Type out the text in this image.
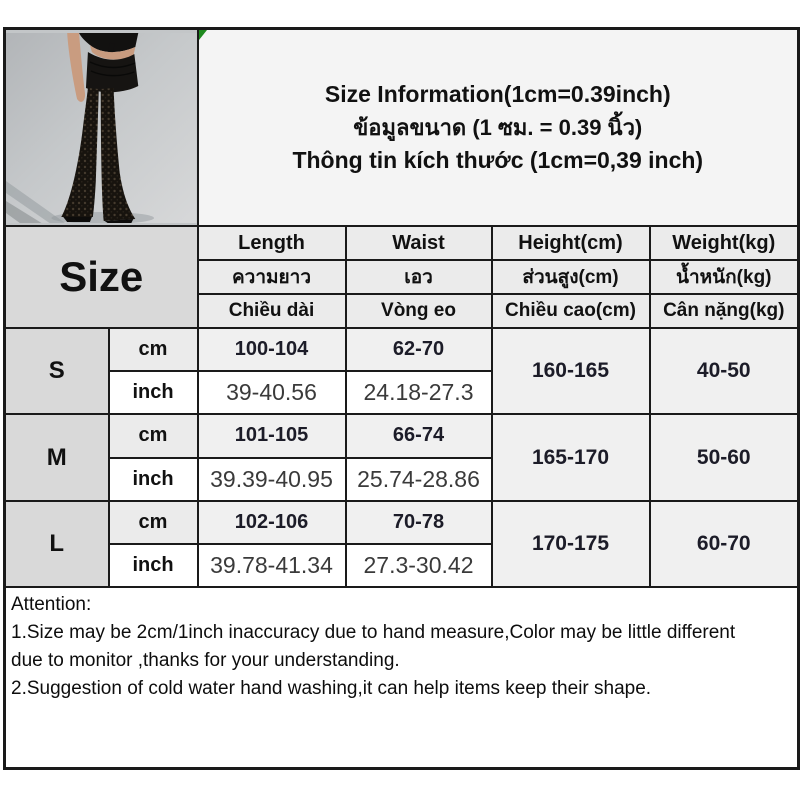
Size Information(1cm=0.39inch)
ข้อมูลขนาด (1 ซม. = 0.39 นิ้ว)
Thông tin kích thước (1cm=0,39 inch)			

Size		Length	Waist	Height(cm)	Weight(kg)
		ความยาว	เอว	ส่วนสูง(cm)	น้ำหนัก(kg)
		Chiều dài	Vòng eo	Chiều cao(cm)	Cân nặng(kg)
S	cm	100-104	62-70	160-165	40-50
	inch	39-40.56	24.18-27.3		
M	cm	101-105	66-74	165-170	50-60
	inch	39.39-40.95	25.74-28.86		
L	cm	102-106	70-78	170-175	60-70
	inch	39.78-41.34	27.3-30.42		

Attention:
1.Size may be 2cm/1inch inaccuracy due to hand measure,Color may be little different
due to monitor ,thanks for your understanding.
2.Suggestion of cold water hand washing,it can help items keep their shape.					
